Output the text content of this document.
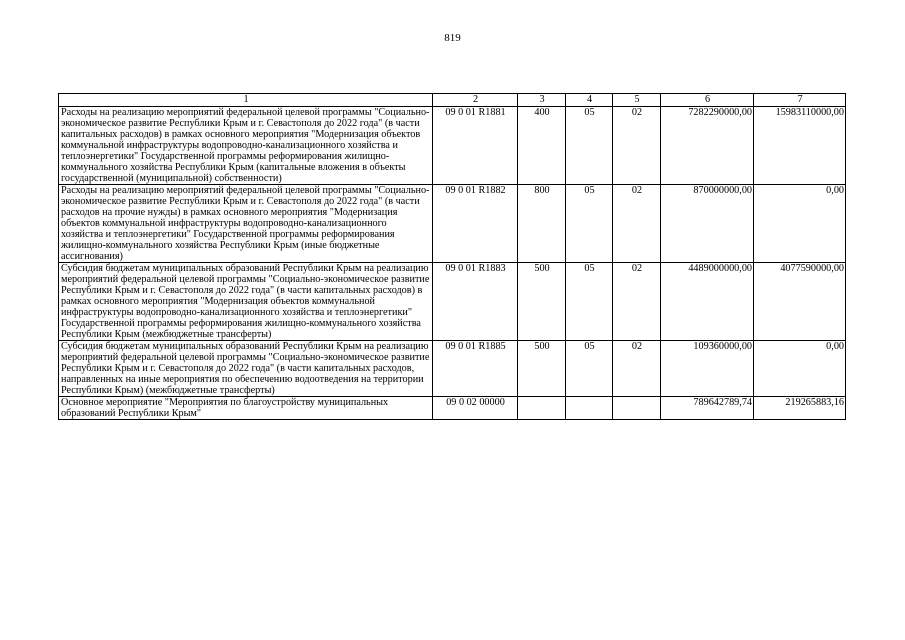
819
1	2	3	4	5	6	7
Расходы на реализацию мероприятий федеральной целевой программы "Социально-экономическое развитие Республики Крым и г. Севастополя до 2022 года" (в части капитальных расходов) в рамках основного мероприятия "Модернизация объектов коммунальной инфраструктуры водопроводно-канализационного хозяйства и теплоэнергетики" Государственной программы реформирования жилищно-коммунального хозяйства Республики Крым (капитальные вложения в объекты государственной (муниципальной) собственности)	09 0 01 R1881	400	05	02	7282290000,00	15983110000,00
Расходы на реализацию мероприятий федеральной целевой программы "Социально-экономическое развитие Республики Крым и г. Севастополя до 2022 года" (в части расходов на прочие нужды) в рамках основного мероприятия "Модернизация объектов коммунальной инфраструктуры водопроводно-канализационного хозяйства и теплоэнергетики" Государственной программы реформирования жилищно-коммунального хозяйства Республики Крым (иные бюджетные ассигнования)	09 0 01 R1882	800	05	02	870000000,00	0,00
Субсидия бюджетам муниципальных образований Республики Крым на реализацию мероприятий федеральной целевой программы "Социально-экономическое развитие Республики Крым и г. Севастополя до 2022 года" (в части капитальных расходов) в рамках основного мероприятия "Модернизация объектов коммунальной инфраструктуры водопроводно-канализационного хозяйства и теплоэнергетики" Государственной программы реформирования жилищно-коммунального хозяйства Республики Крым (межбюджетные трансферты)	09 0 01 R1883	500	05	02	4489000000,00	4077590000,00
Субсидия бюджетам муниципальных образований Республики Крым на реализацию мероприятий федеральной целевой программы "Социально-экономическое развитие Республики Крым и г. Севастополя до 2022 года" (в части капитальных расходов, направленных на иные мероприятия по обеспечению водоотведения на территории Республики Крым) (межбюджетные трансферты)	09 0 01 R1885	500	05	02	109360000,00	0,00
Основное мероприятие "Мероприятия по благоустройству муниципальных образований Республики Крым"	09 0 02 00000				789642789,74	219265883,16
